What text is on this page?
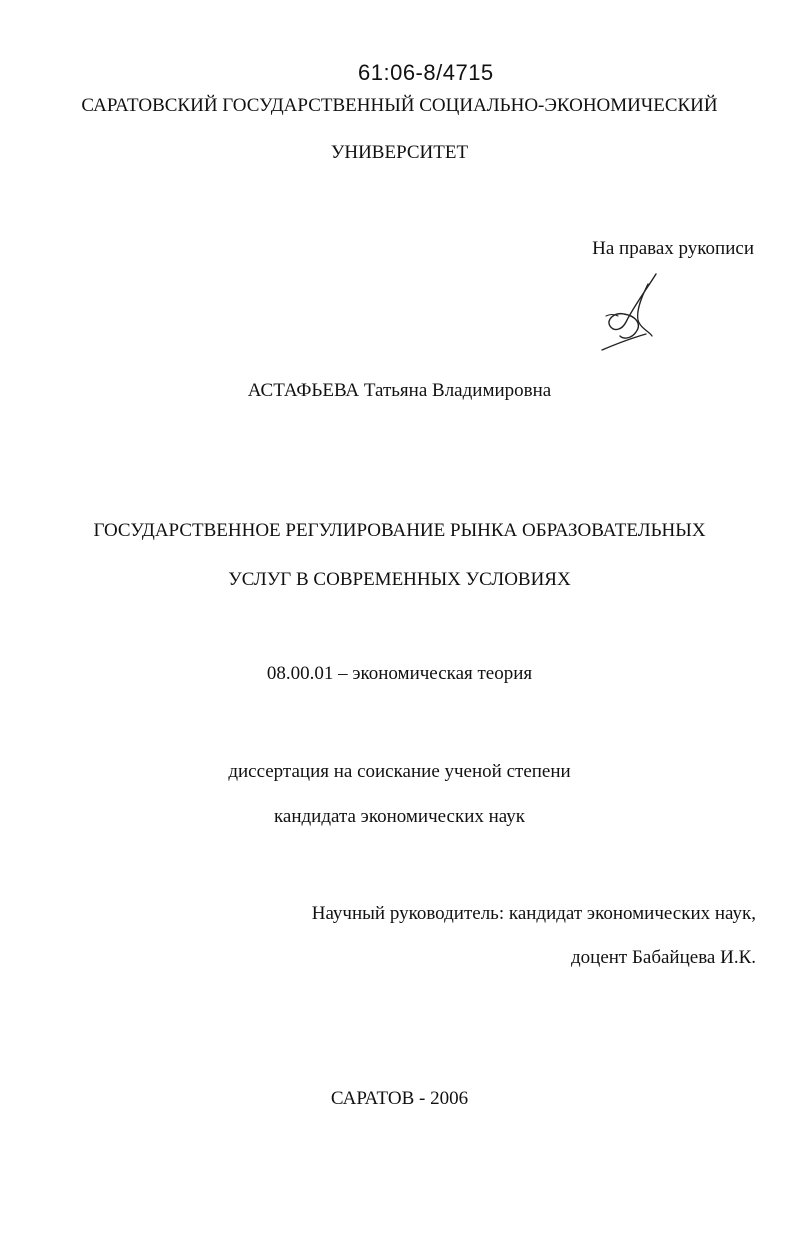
61:06-8/4715
САРАТОВСКИЙ ГОСУДАРСТВЕННЫЙ СОЦИАЛЬНО-ЭКОНОМИЧЕСКИЙ
УНИВЕРСИТЕТ
На правах рукописи
АСТАФЬЕВА Татьяна Владимировна
ГОСУДАРСТВЕННОЕ РЕГУЛИРОВАНИЕ РЫНКА ОБРАЗОВАТЕЛЬНЫХ
УСЛУГ В СОВРЕМЕННЫХ УСЛОВИЯХ
08.00.01 – экономическая теория
диссертация на соискание ученой степени
кандидата экономических наук
Научный руководитель: кандидат экономических наук,
доцент Бабайцева И.К.
САРАТОВ - 2006
